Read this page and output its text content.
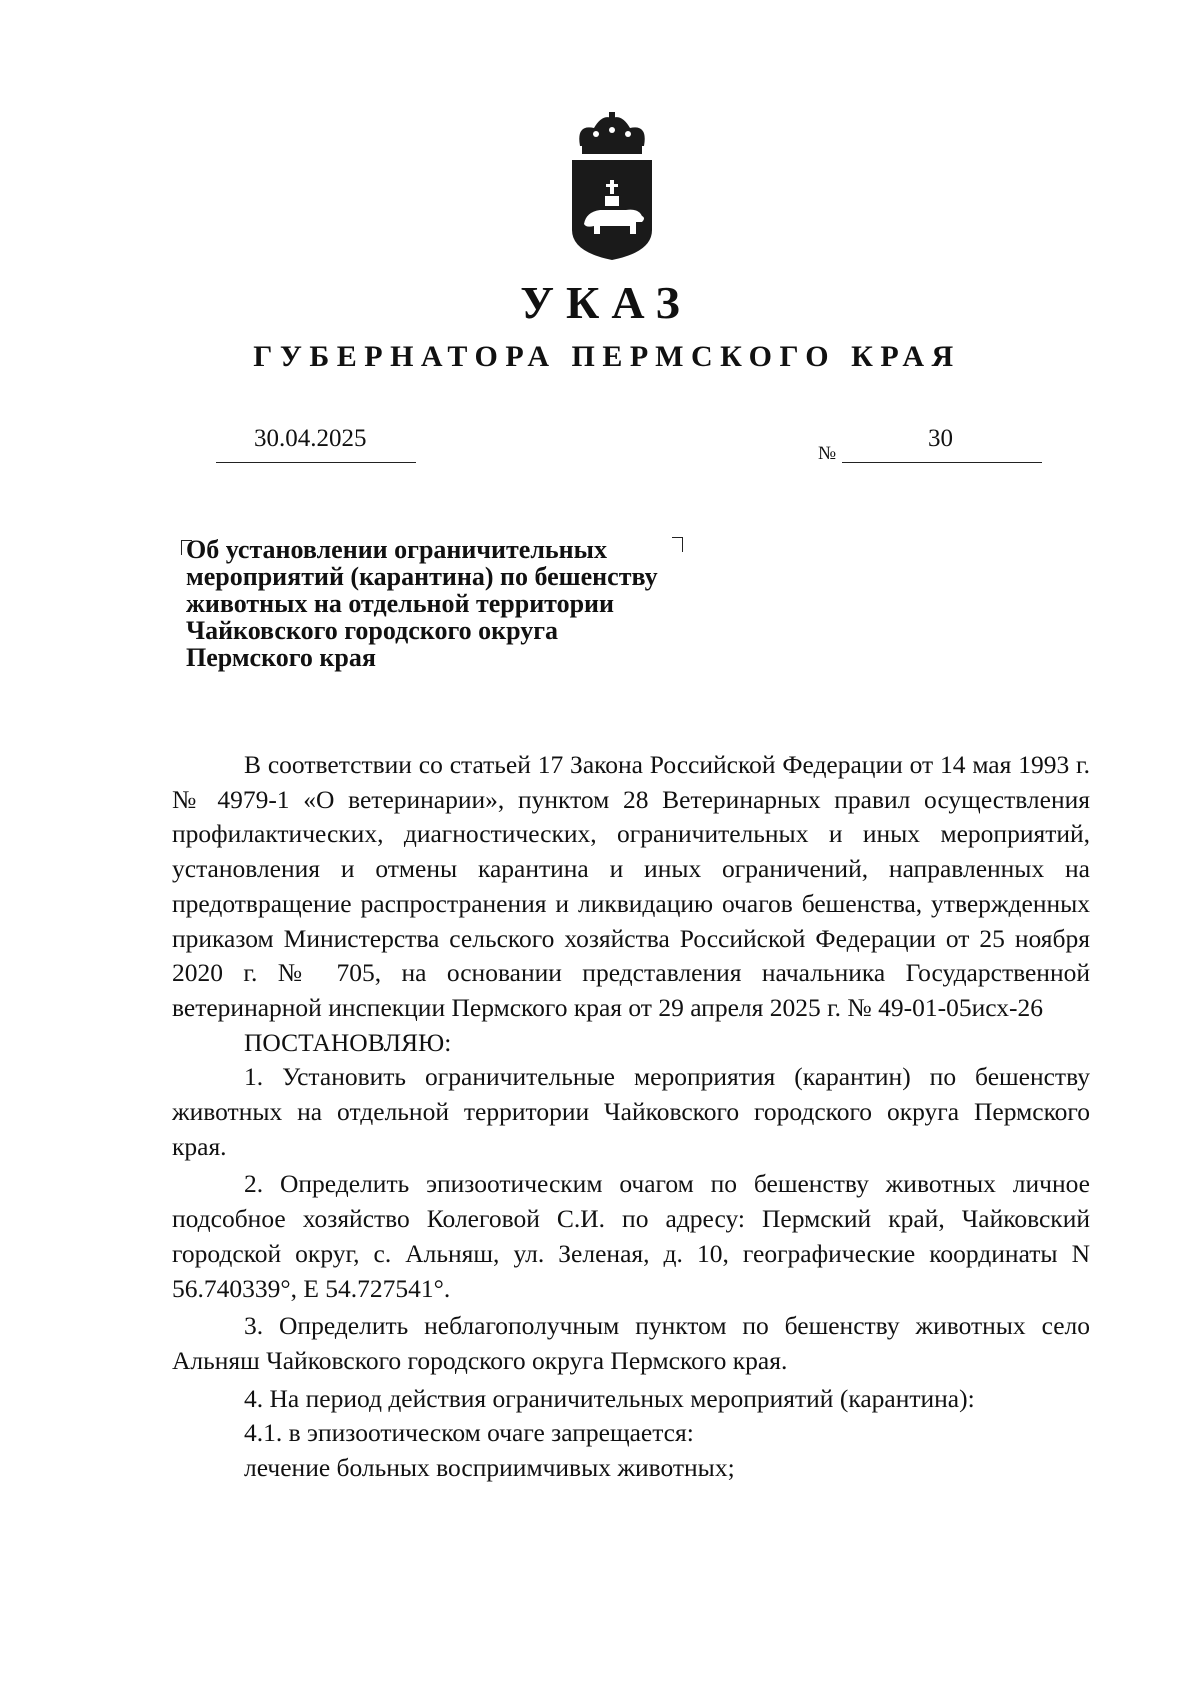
УКАЗ
ГУБЕРНАТОРА ПЕРМСКОГО КРАЯ
30.04.2025
№
30
Об установлении ограничительных
мероприятий (карантина) по бешенству
животных на отдельной территории
Чайковского городского округа
Пермского края

В соответствии со статьей 17 Закона Российской Федерации от 14 мая 1993 г. № 4979-1 «О ветеринарии», пунктом 28 Ветеринарных правил осуществления профилактических, диагностических, ограничительных и иных мероприятий, установления и отмены карантина и иных ограничений, направленных на предотвращение распространения и ликвидацию очагов бешенства, утвержденных приказом Министерства сельского хозяйства Российской Федерации от 25 ноября 2020 г. № 705, на основании представления начальника Государственной ветеринарной инспекции Пермского края от 29 апреля 2025 г. № 49-01-05исх-26

ПОСТАНОВЛЯЮ:

1. Установить ограничительные мероприятия (карантин) по бешенству животных на отдельной территории Чайковского городского округа Пермского края.

2. Определить эпизоотическим очагом по бешенству животных личное подсобное хозяйство Колеговой С.И. по адресу: Пермский край, Чайковский городской округ, с. Альняш, ул. Зеленая, д. 10, географические координаты N 56.740339°, E 54.727541°.

3. Определить неблагополучным пунктом по бешенству животных село Альняш Чайковского городского округа Пермского края.

4. На период действия ограничительных мероприятий (карантина):

4.1. в эпизоотическом очаге запрещается:

лечение больных восприимчивых животных;
